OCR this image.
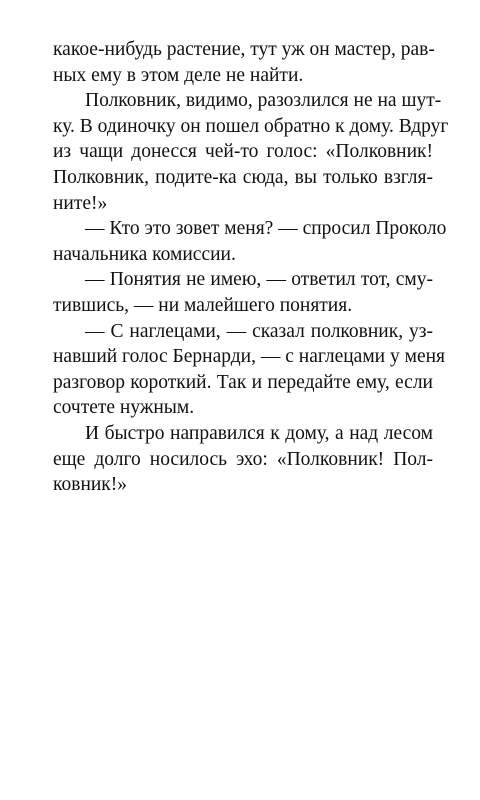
какое-нибудь растение, тут уж он мастер, рав-
ных ему в этом деле не найти.
Полковник, видимо, разозлился не на шут-
ку. В одиночку он пошел обратно к дому. Вдруг
из чащи донесся чей-то голос: «Полковник!
Полковник, подите-ка сюда, вы только взгля-
ните!»
— Кто это зовет меня? — спросил Проколо
начальника комиссии.
— Понятия не имею, — ответил тот, сму-
тившись, — ни малейшего понятия.
— С наглецами, — сказал полковник, уз-
навший голос Бернарди, — с наглецами у меня
разговор короткий. Так и передайте ему, если
сочтете нужным.
И быстро направился к дому, а над лесом
еще долго носилось эхо: «Полковник! Пол-
ковник!»
